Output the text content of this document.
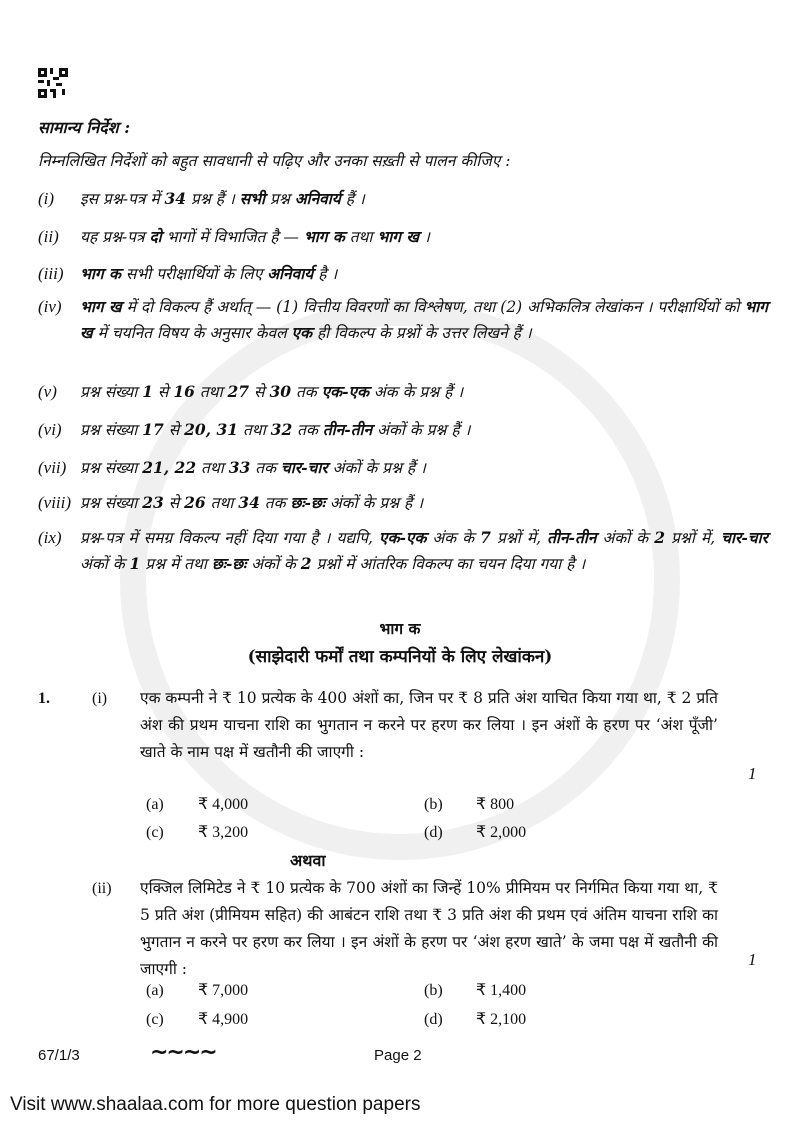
सामान्य निर्देश :
निम्नलिखित निर्देशों को बहुत सावधानी से पढ़िए और उनका सख़्ती से पालन कीजिए :
(i) इस प्रश्न-पत्र में 34 प्रश्न हैं । सभी प्रश्न अनिवार्य हैं ।
(ii) यह प्रश्न-पत्र दो भागों में विभाजित है — भाग क तथा भाग ख ।
(iii) भाग क सभी परीक्षार्थियों के लिए अनिवार्य है ।
(iv) भाग ख में दो विकल्प हैं अर्थात् — (1) वित्तीय विवरणों का विश्लेषण, तथा (2) अभिकलित्र लेखांकन । परीक्षार्थियों को भाग ख में चयनित विषय के अनुसार केवल एक ही विकल्प के प्रश्नों के उत्तर लिखने हैं ।
(v) प्रश्न संख्या 1 से 16 तथा 27 से 30 तक एक-एक अंक के प्रश्न हैं ।
(vi) प्रश्न संख्या 17 से 20, 31 तथा 32 तक तीन-तीन अंकों के प्रश्न हैं ।
(vii) प्रश्न संख्या 21, 22 तथा 33 तक चार-चार अंकों के प्रश्न हैं ।
(viii) प्रश्न संख्या 23 से 26 तथा 34 तक छः-छः अंकों के प्रश्न हैं ।
(ix) प्रश्न-पत्र में समग्र विकल्प नहीं दिया गया है । यद्यपि, एक-एक अंक के 7 प्रश्नों में, तीन-तीन अंकों के 2 प्रश्नों में, चार-चार अंकों के 1 प्रश्न में तथा छः-छः अंकों के 2 प्रश्नों में आंतरिक विकल्प का चयन दिया गया है ।
भाग क
(साझेदारी फर्मों तथा कम्पनियों के लिए लेखांकन)
1.	(i) एक कम्पनी ने ₹ 10 प्रत्येक के 400 अंशों का, जिन पर ₹ 8 प्रति अंश याचित किया गया था, ₹ 2 प्रति अंश की प्रथम याचना राशि का भुगतान न करने पर हरण कर लिया । इन अंशों के हरण पर ‘अंश पूँजी’ खाते के नाम पक्ष में खतौनी की जाएगी :
1
(a) ₹ 4,000	(b) ₹ 800
(c) ₹ 3,200	(d) ₹ 2,000
अथवा
(ii) एक्जिल लिमिटेड ने ₹ 10 प्रत्येक के 700 अंशों का जिन्हें 10% प्रीमियम पर निर्गमित किया गया था, ₹ 5 प्रति अंश (प्रीमियम सहित) की आबंटन राशि तथा ₹ 3 प्रति अंश की प्रथम एवं अंतिम याचना राशि का भुगतान न करने पर हरण कर लिया । इन अंशों के हरण पर ‘अंश हरण खाते’ के जमा पक्ष में खतौनी की जाएगी :	1
(a) ₹ 7,000	(b) ₹ 1,400
(c) ₹ 4,900	(d) ₹ 2,100
67/1/3	~~~~	Page 2
Visit www.shaalaa.com for more question papers
